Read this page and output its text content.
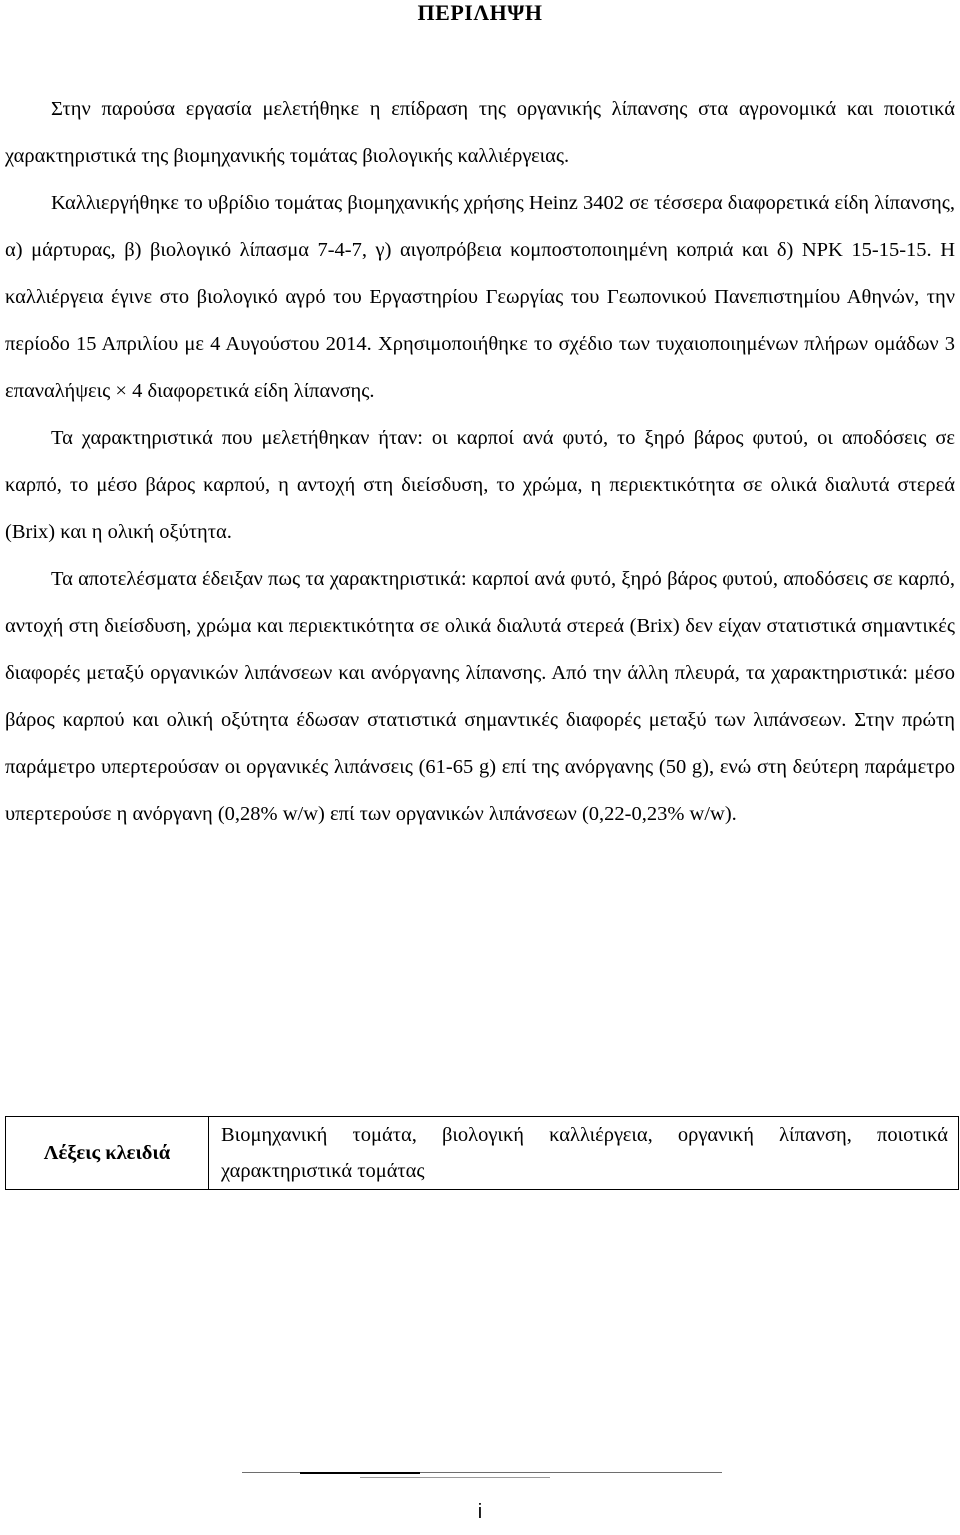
ΠΕΡΙΛΗΨΗ

Στην παρούσα εργασία μελετήθηκε η επίδραση της οργανικής λίπανσης στα αγρονομικά και ποιοτικά χαρακτηριστικά της βιομηχανικής τομάτας βιολογικής καλλιέργειας.

Καλλιεργήθηκε το υβρίδιο τομάτας βιομηχανικής χρήσης Heinz 3402 σε τέσσερα διαφορετικά είδη λίπανσης, α) μάρτυρας, β) βιολογικό λίπασμα 7-4-7, γ) αιγοπρόβεια κομποστοποιημένη κοπριά και δ) NPK 15-15-15. Η καλλιέργεια έγινε στο βιολογικό αγρό του Εργαστηρίου Γεωργίας του Γεωπονικού Πανεπιστημίου Αθηνών, την περίοδο 15 Απριλίου με 4 Αυγούστου 2014. Χρησιμοποιήθηκε το σχέδιο των τυχαιοποιημένων πλήρων ομάδων 3 επαναλήψεις × 4 διαφορετικά είδη λίπανσης.

Τα χαρακτηριστικά που μελετήθηκαν ήταν: οι καρποί ανά φυτό, το ξηρό βάρος φυτού, οι αποδόσεις σε καρπό, το μέσο βάρος καρπού, η αντοχή στη διείσδυση, το χρώμα, η περιεκτικότητα σε ολικά διαλυτά στερεά (Brix) και η ολική οξύτητα.

Τα αποτελέσματα έδειξαν πως τα χαρακτηριστικά: καρποί ανά φυτό, ξηρό βάρος φυτού, αποδόσεις σε καρπό, αντοχή στη διείσδυση, χρώμα και περιεκτικότητα σε ολικά διαλυτά στερεά (Brix) δεν είχαν στατιστικά σημαντικές διαφορές μεταξύ οργανικών λιπάνσεων και ανόργανης λίπανσης. Από την άλλη πλευρά, τα χαρακτηριστικά: μέσο βάρος καρπού και ολική οξύτητα έδωσαν στατιστικά σημαντικές διαφορές μεταξύ των λιπάνσεων. Στην πρώτη παράμετρο υπερτερούσαν οι οργανικές λιπάνσεις (61-65 g) επί της ανόργανης (50 g), ενώ στη δεύτερη παράμετρο υπερτερούσε η ανόργανη (0,28% w/w) επί των οργανικών λιπάνσεων (0,22-0,23% w/w).

Λέξεις κλειδιά	Βιομηχανική τομάτα, βιολογική καλλιέργεια, οργανική λίπανση, ποιοτικά χαρακτηριστικά τομάτας
i
